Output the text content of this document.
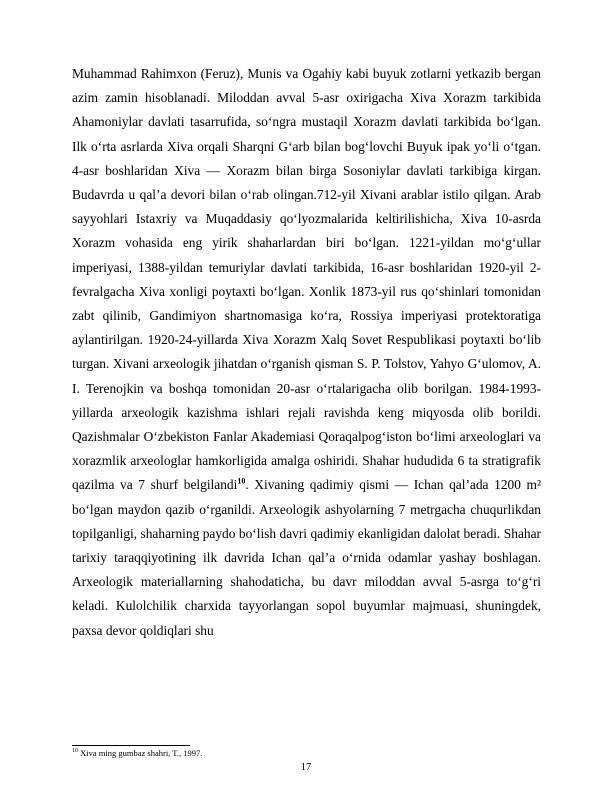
Muhammad Rahimxon (Feruz), Munis va Ogahiy kabi buyuk zotlarni yetkazib bergan azim zamin hisoblanadi. Miloddan avval 5-asr oxirigacha Xiva Xorazm tarkibida Ahamoniylar davlati tasarrufida, soʻngra mustaqil Xorazm davlati tarkibida boʻlgan. Ilk oʻrta asrlarda Xiva orqali Sharqni Gʻarb bilan bogʻlovchi Buyuk ipak yoʻli oʻtgan. 4-asr boshlaridan Xiva — Xorazm bilan birga Sosoniylar davlati tarkibiga kirgan. Budavrda u qalʼa devori bilan oʻrab olingan.712-yil Xivani arablar istilo qilgan. Arab sayyohlari Istaxriy va Muqaddasiy qoʻlyozmalarida keltirilishicha, Xiva 10-asrda Xorazm vohasida eng yirik shaharlardan biri boʻlgan. 1221-yildan moʻgʻullar imperiyasi, 1388-yildan temuriylar davlati tarkibida, 16-asr boshlaridan 1920-yil 2-fevralgacha Xiva xonligi poytaxti boʻlgan. Xonlik 1873-yil rus qoʻshinlari tomonidan zabt qilinib, Gandimiyon shartnomasiga koʻra, Rossiya imperiyasi protektoratiga aylantirilgan. 1920-24-yillarda Xiva Xorazm Xalq Sovet Respublikasi poytaxti boʻlib turgan. Xivani arxeologik jihatdan oʻrganish qisman S. P. Tolstov, Yahyo Gʻulomov, A. I. Terenojkin va boshqa tomonidan 20-asr oʻrtalarigacha olib borilgan. 1984-1993-yillarda arxeologik kazishma ishlari rejali ravishda keng miqyosda olib borildi. Qazishmalar Oʻzbekiston Fanlar Akademiasi Qoraqalpogʻiston boʻlimi arxeologlari va xorazmlik arxeologlar hamkorligida amalga oshiridi. Shahar hududida 6 ta stratigrafik qazilma va 7 shurf belgilandi$^{10}$. Xivaning qadimiy qismi — Ichan qalʼada 1200 m² boʻlgan maydon qazib oʻrganildi. Arxeologik ashyolarning 7 metrgacha chuqurlikdan topilganligi, shaharning paydo boʻlish davri qadimiy ekanligidan dalolat beradi. Shahar tarixiy taraqqiyotining ilk davrida Ichan qalʼa oʻrnida odamlar yashay boshlagan. Arxeologik materiallarning shahodaticha, bu davr miloddan avval 5-asrga toʻgʻri keladi. Kulolchilik charxida tayyorlangan sopol buyumlar majmuasi, shuningdek, paxsa devor qoldiqlari shu

$^{10}$ Xiva ming gumbaz shahri, T., 1997.
17
